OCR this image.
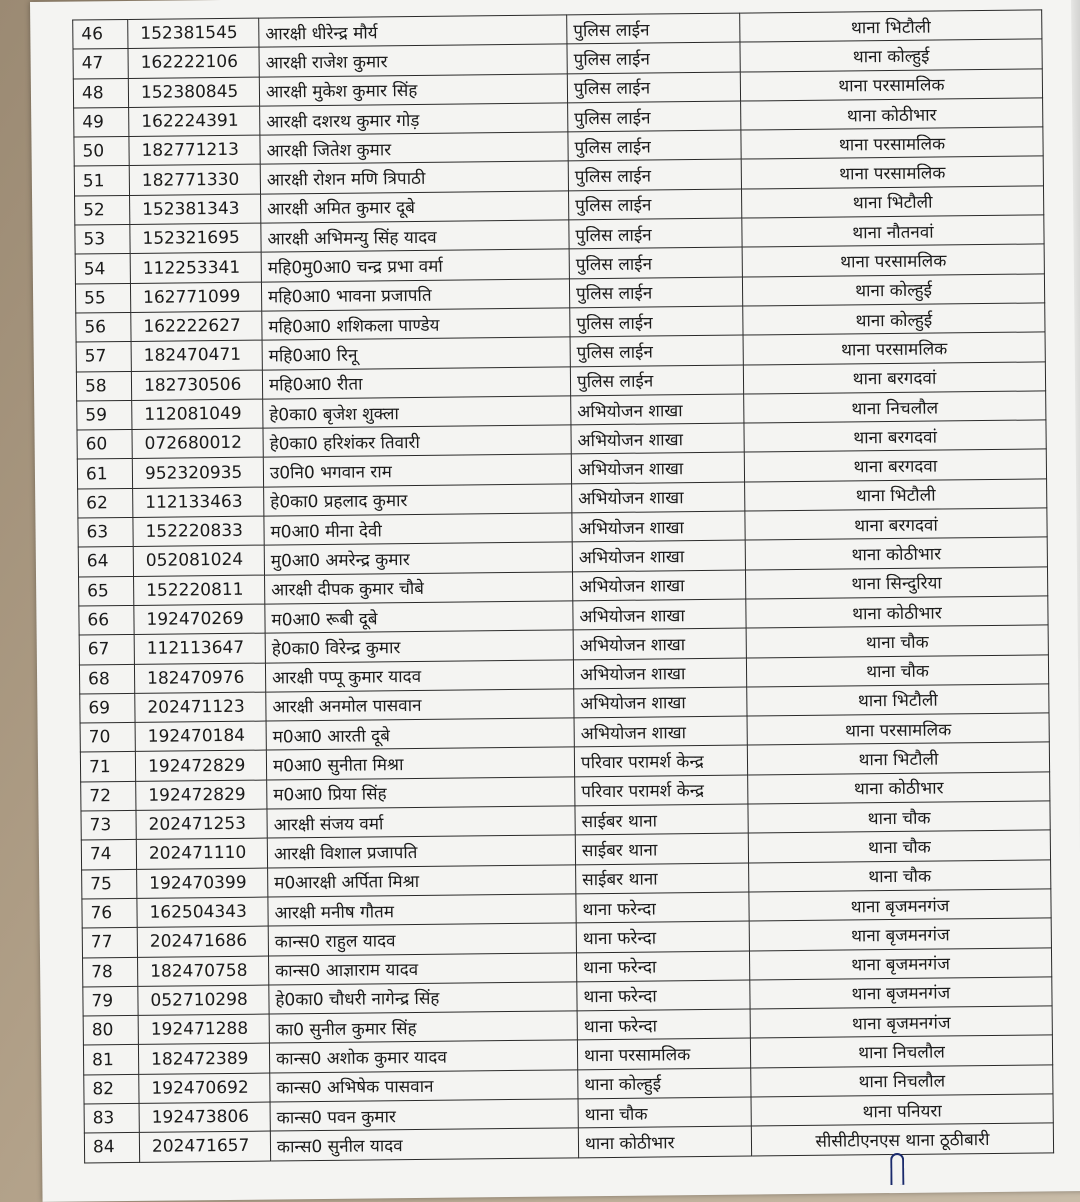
46	152381545	आरक्षी धीरेन्द्र मौर्य	पुलिस लाईन	थाना भिटौली
47	162222106	आरक्षी राजेश कुमार	पुलिस लाईन	थाना कोल्हुई
48	152380845	आरक्षी मुकेश कुमार सिंह	पुलिस लाईन	थाना परसामलिक
49	162224391	आरक्षी दशरथ कुमार गोड़	पुलिस लाईन	थाना कोठीभार
50	182771213	आरक्षी जितेश कुमार	पुलिस लाईन	थाना परसामलिक
51	182771330	आरक्षी रोशन मणि त्रिपाठी	पुलिस लाईन	थाना परसामलिक
52	152381343	आरक्षी अमित कुमार दूबे	पुलिस लाईन	थाना भिटौली
53	152321695	आरक्षी अभिमन्यु सिंह यादव	पुलिस लाईन	थाना नौतनवां
54	112253341	महि0मु0आ0 चन्द्र प्रभा वर्मा	पुलिस लाईन	थाना परसामलिक
55	162771099	महि0आ0 भावना प्रजापति	पुलिस लाईन	थाना कोल्हुई
56	162222627	महि0आ0 शशिकला पाण्डेय	पुलिस लाईन	थाना कोल्हुई
57	182470471	महि0आ0 रिनू	पुलिस लाईन	थाना परसामलिक
58	182730506	महि0आ0 रीता	पुलिस लाईन	थाना बरगदवां
59	112081049	हे0का0 बृजेश शुक्ला	अभियोजन शाखा	थाना निचलौल
60	072680012	हे0का0 हरिशंकर तिवारी	अभियोजन शाखा	थाना बरगदवां
61	952320935	उ0नि0 भगवान राम	अभियोजन शाखा	थाना बरगदवा
62	112133463	हे0का0 प्रहलाद कुमार	अभियोजन शाखा	थाना भिटौली
63	152220833	म0आ0 मीना देवी	अभियोजन शाखा	थाना बरगदवां
64	052081024	मु0आ0 अमरेन्द्र कुमार	अभियोजन शाखा	थाना कोठीभार
65	152220811	आरक्षी दीपक कुमार चौबे	अभियोजन शाखा	थाना सिन्दुरिया
66	192470269	म0आ0 रूबी दूबे	अभियोजन शाखा	थाना कोठीभार
67	112113647	हे0का0 विरेन्द्र कुमार	अभियोजन शाखा	थाना चौक
68	182470976	आरक्षी पप्पू कुमार यादव	अभियोजन शाखा	थाना चौक
69	202471123	आरक्षी अनमोल पासवान	अभियोजन शाखा	थाना भिटौली
70	192470184	म0आ0 आरती दूबे	अभियोजन शाखा	थाना परसामलिक
71	192472829	म0आ0 सुनीता मिश्रा	परिवार परामर्श केन्द्र	थाना भिटौली
72	192472829	म0आ0 प्रिया सिंह	परिवार परामर्श केन्द्र	थाना कोठीभार
73	202471253	आरक्षी संजय वर्मा	साईबर थाना	थाना चौक
74	202471110	आरक्षी विशाल प्रजापति	साईबर थाना	थाना चौक
75	192470399	म0आरक्षी अर्पिता मिश्रा	साईबर थाना	थाना चौक
76	162504343	आरक्षी मनीष गौतम	थाना फरेन्दा	थाना बृजमनगंज
77	202471686	कान्स0 राहुल यादव	थाना फरेन्दा	थाना बृजमनगंज
78	182470758	कान्स0 आज्ञाराम यादव	थाना फरेन्दा	थाना बृजमनगंज
79	052710298	हे0का0 चौधरी नागेन्द्र सिंह	थाना फरेन्दा	थाना बृजमनगंज
80	192471288	का0 सुनील कुमार सिंह	थाना फरेन्दा	थाना बृजमनगंज
81	182472389	कान्स0 अशोक कुमार यादव	थाना परसामलिक	थाना निचलौल
82	192470692	कान्स0 अभिषेक पासवान	थाना कोल्हुई	थाना निचलौल
83	192473806	कान्स0 पवन कुमार	थाना चौक	थाना पनियरा
84	202471657	कान्स0 सुनील यादव	थाना कोठीभार	सीसीटीएनएस थाना ठूठीबारी
